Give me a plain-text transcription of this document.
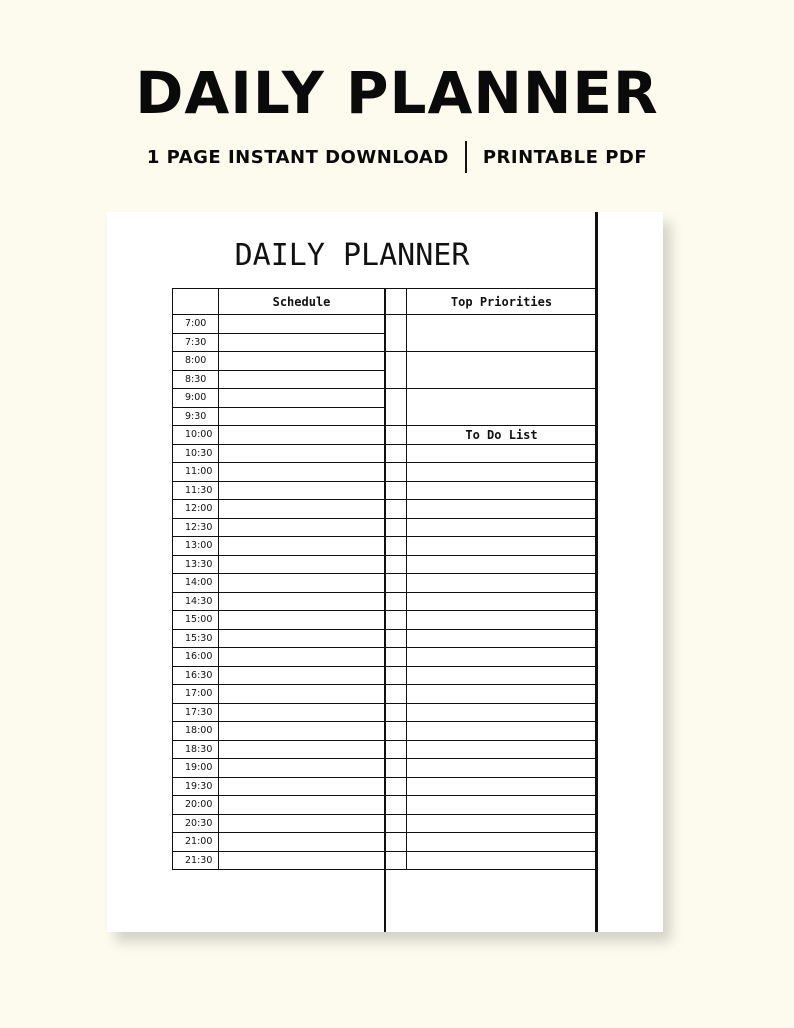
DAILY PLANNER
1 PAGE INSTANT DOWNLOAD PRINTABLE PDF
DAILY PLANNER
	Schedule		Top Priorities
7:00			
7:30			
8:00			
8:30			
9:00			
9:30			
10:00			To Do List
10:30			
11:00			
11:30			
12:00			
12:30			
13:00			
13:30			
14:00			
14:30			
15:00			
15:30			
16:00			
16:30			
17:00			
17:30			
18:00			
18:30			
19:00			
19:30			
20:00			
20:30			
21:00			
21:30			
